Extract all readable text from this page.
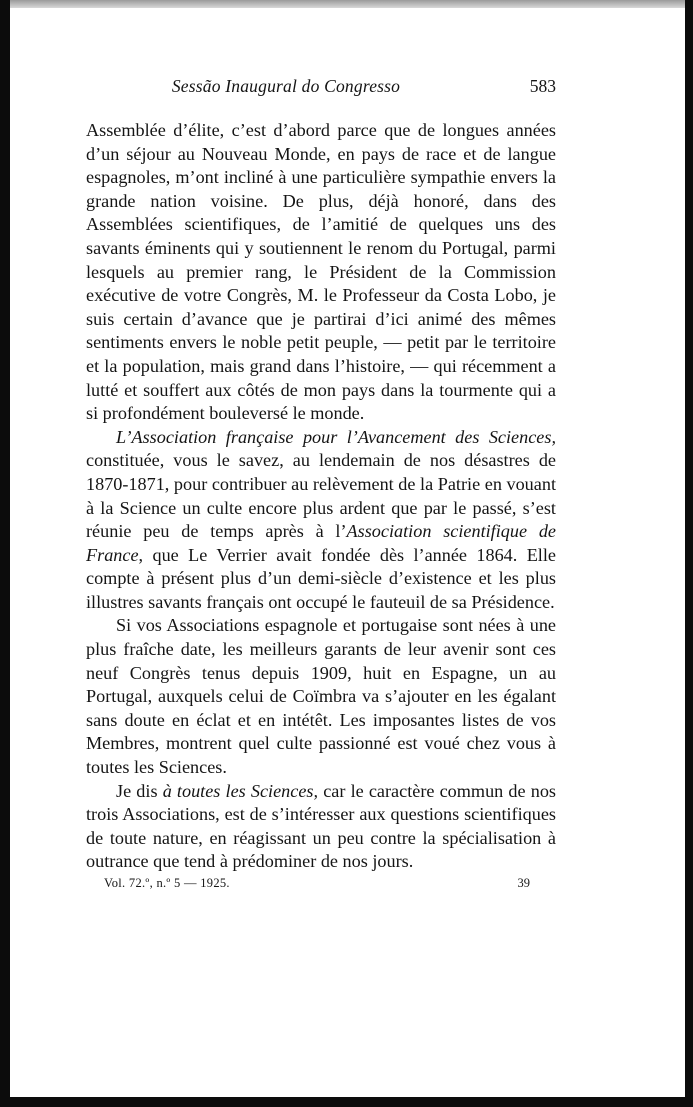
Sessão Inaugural do Congresso	583

Assemblée d’élite, c’est d’abord parce que de longues années d’un séjour au Nouveau Monde, en pays de race et de langue espagnoles, m’ont incliné à une particulière sympathie envers la grande nation voisine. De plus, déjà honoré, dans des Assemblées scientifiques, de l’amitié de quelques uns des savants éminents qui y soutiennent le renom du Portugal, parmi lesquels au premier rang, le Président de la Commission exécutive de votre Congrès, M. le Professeur da Costa Lobo, je suis certain d’avance que je partirai d’ici animé des mêmes sentiments envers le noble petit peuple, — petit par le territoire et la population, mais grand dans l’histoire, — qui récemment a lutté et souffert aux côtés de mon pays dans la tourmente qui a si profondément bouleversé le monde.

L’Association française pour l’Avancement des Sciences, constituée, vous le savez, au lendemain de nos désastres de 1870-1871, pour contribuer au relèvement de la Patrie en vouant à la Science un culte encore plus ardent que par le passé, s’est réunie peu de temps après à l’Association scientifique de France, que Le Verrier avait fondée dès l’année 1864. Elle compte à présent plus d’un demi-siècle d’existence et les plus illustres savants français ont occupé le fauteuil de sa Présidence.

Si vos Associations espagnole et portugaise sont nées à une plus fraîche date, les meilleurs garants de leur avenir sont ces neuf Congrès tenus depuis 1909, huit en Espagne, un au Portugal, auxquels celui de Coïmbra va s’ajouter en les égalant sans doute en éclat et en intétêt. Les imposantes listes de vos Membres, montrent quel culte passionné est voué chez vous à toutes les Sciences.

Je dis à toutes les Sciences, car le caractère commun de nos trois Associations, est de s’intéresser aux questions scientifiques de toute nature, en réagissant un peu contre la spécialisation à outrance que tend à prédominer de nos jours.

Vol. 72.º, n.º 5 — 1925.	39
